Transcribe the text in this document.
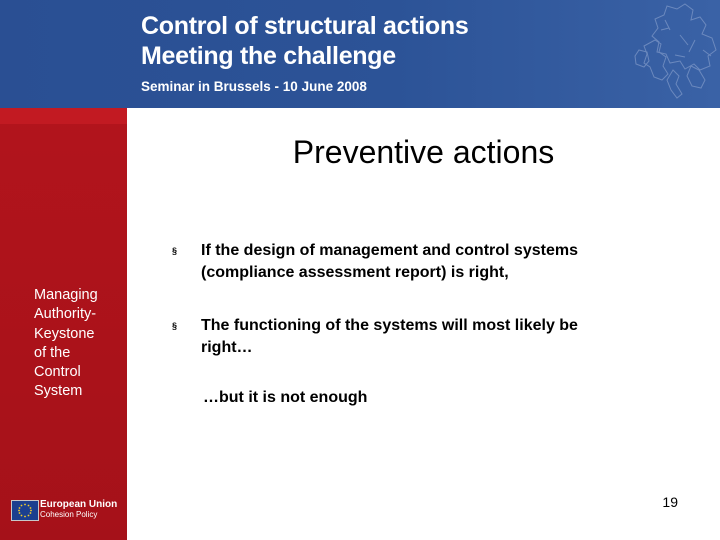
Control of structural actions
Meeting the challenge
Seminar in Brussels - 10 June 2008
Managing
Authority-
Keystone
of the
Control
System
European Union
Cohesion Policy
Preventive actions
§ If the design of management and control systems (compliance assessment report) is right,
§ The functioning of the systems will most likely be right…
…but it is not enough
19
